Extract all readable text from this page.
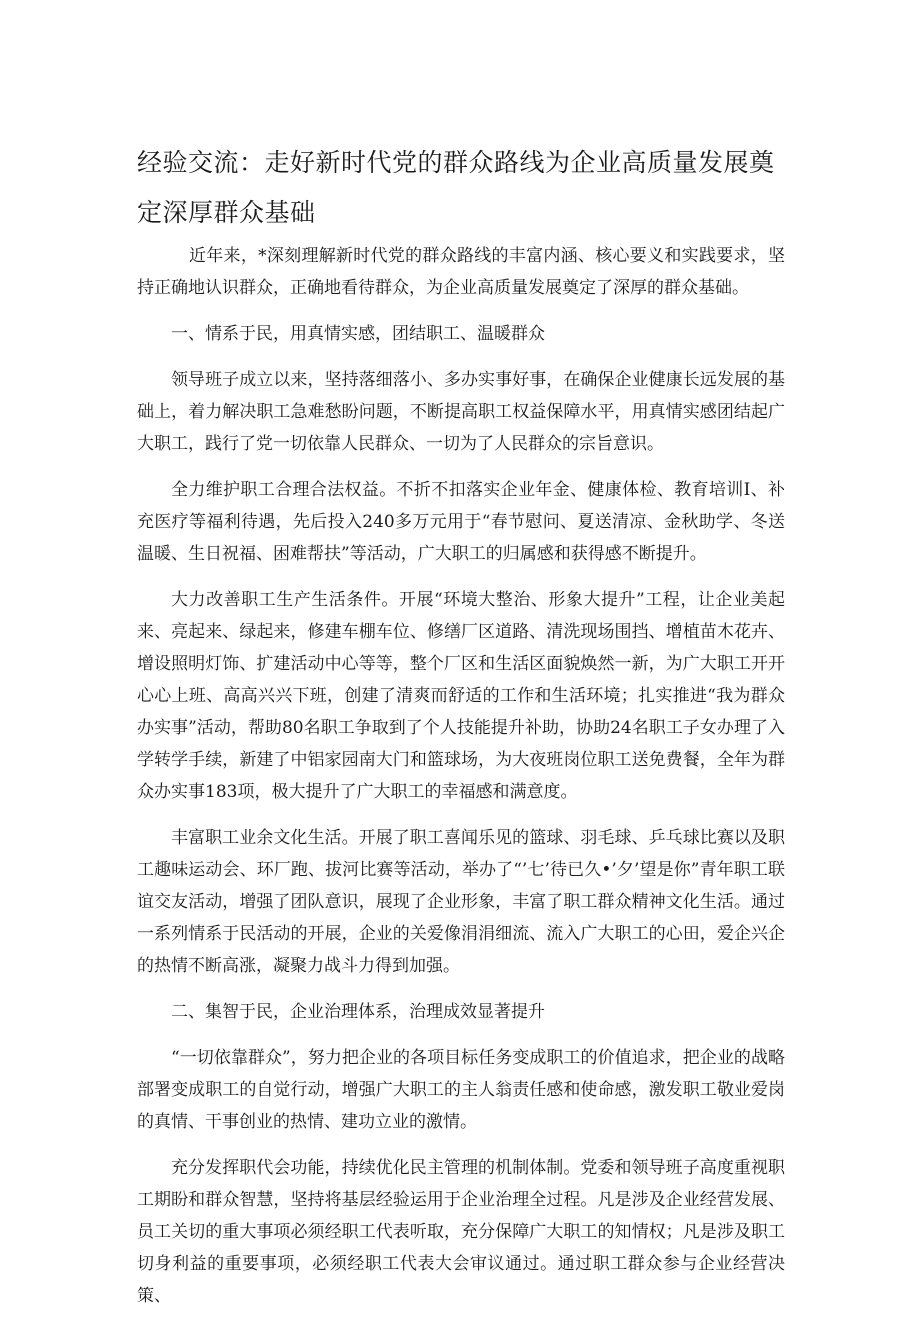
经验交流：走好新时代党的群众路线为企业高质量发展奠定深厚群众基础

近年来，*深刻理解新时代党的群众路线的丰富内涵、核心要义和实践要求，坚持正确地认识群众，正确地看待群众，为企业高质量发展奠定了深厚的群众基础。

一、情系于民，用真情实感，团结职工、温暖群众

领导班子成立以来，坚持落细落小、多办实事好事，在确保企业健康长远发展的基础上，着力解决职工急难愁盼问题，不断提高职工权益保障水平，用真情实感团结起广大职工，践行了党一切依靠人民群众、一切为了人民群众的宗旨意识。

全力维护职工合理合法权益。不折不扣落实企业年金、健康体检、教育培训I、补充医疗等福利待遇，先后投入240多万元用于“春节慰问、夏送清凉、金秋助学、冬送温暖、生日祝福、困难帮扶”等活动，广大职工的归属感和获得感不断提升。

大力改善职工生产生活条件。开展“环境大整治、形象大提升”工程，让企业美起来、亮起来、绿起来，修建车棚车位、修缮厂区道路、清洗现场围挡、增植苗木花卉、增设照明灯饰、扩建活动中心等等，整个厂区和生活区面貌焕然一新，为广大职工开开心心上班、高高兴兴下班，创建了清爽而舒适的工作和生活环境；扎实推进“我为群众办实事”活动，帮助80名职工争取到了个人技能提升补助，协助24名职工子女办理了入学转学手续，新建了中铝家园南大门和篮球场，为大夜班岗位职工送免费餐，全年为群众办实事183项，极大提升了广大职工的幸福感和满意度。

丰富职工业余文化生活。开展了职工喜闻乐见的篮球、羽毛球、乒乓球比赛以及职工趣味运动会、环厂跑、拔河比赛等活动，举办了“’七’待已久•’夕’望是你”青年职工联谊交友活动，增强了团队意识，展现了企业形象，丰富了职工群众精神文化生活。通过一系列情系于民活动的开展，企业的关爱像涓涓细流、流入广大职工的心田，爱企兴企的热情不断高涨，凝聚力战斗力得到加强。

二、集智于民，企业治理体系，治理成效显著提升

“一切依靠群众”，努力把企业的各项目标任务变成职工的价值追求，把企业的战略部署变成职工的自觉行动，增强广大职工的主人翁责任感和使命感，激发职工敬业爱岗的真情、干事创业的热情、建功立业的激情。

充分发挥职代会功能，持续优化民主管理的机制体制。党委和领导班子高度重视职工期盼和群众智慧，坚持将基层经验运用于企业治理全过程。凡是涉及企业经营发展、员工关切的重大事项必须经职工代表听取，充分保障广大职工的知情权；凡是涉及职工切身利益的重要事项，必须经职工代表大会审议通过。通过职工群众参与企业经营决策、
